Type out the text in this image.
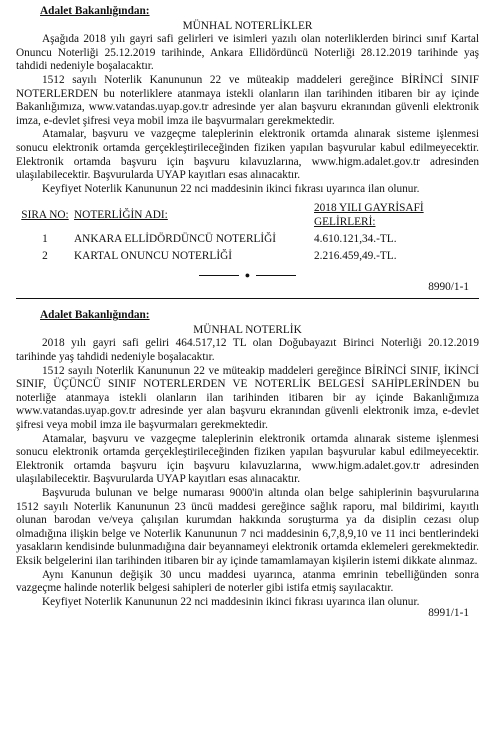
Adalet Bakanlığından:
MÜNHAL NOTERLİKLER

Aşağıda 2018 yılı gayri safi gelirleri ve isimleri yazılı olan noterliklerden birinci sınıf Kartal Onuncu Noterliği 25.12.2019 tarihinde, Ankara Ellidördüncü Noterliği 28.12.2019 tarihinde yaş tahdidi nedeniyle boşalacaktır.

1512 sayılı Noterlik Kanununun 22 ve müteakip maddeleri gereğince BİRİNCİ SINIF NOTERLERDEN bu noterliklere atanmaya istekli olanların ilan tarihinden itibaren bir ay içinde Bakanlığımıza, www.vatandas.uyap.gov.tr adresinde yer alan başvuru ekranından güvenli elektronik imza, e-devlet şifresi veya mobil imza ile başvurmaları gerekmektedir.

Atamalar, başvuru ve vazgeçme taleplerinin elektronik ortamda alınarak sisteme işlenmesi sonucu elektronik ortamda gerçekleştirileceğinden fiziken yapılan başvurular kabul edilmeyecektir. Elektronik ortamda başvuru için başvuru kılavuzlarına, www.higm.adalet.gov.tr adresinden ulaşılabilecektir. Başvurularda UYAP kayıtları esas alınacaktır.

Keyfiyet Noterlik Kanununun 22 nci maddesinin ikinci fıkrası uyarınca ilan olunur.

SIRA NO:	NOTERLİĞİN ADI:	2018 YILI GAYRİSAFİ GELİRLERİ:
1	ANKARA ELLİDÖRDÜNCÜ NOTERLİĞİ	4.610.121,34.-TL.
2	KARTAL ONUNCU NOTERLİĞİ	2.216.459,49.-TL.
●
8990/1-1
Adalet Bakanlığından:
MÜNHAL NOTERLİK

2018 yılı gayri safi geliri 464.517,12 TL olan Doğubayazıt Birinci Noterliği 20.12.2019 tarihinde yaş tahdidi nedeniyle boşalacaktır.

1512 sayılı Noterlik Kanununun 22 ve müteakip maddeleri gereğince BİRİNCİ SINIF, İKİNCİ SINIF, ÜÇÜNCÜ SINIF NOTERLERDEN VE NOTERLİK BELGESİ SAHİPLERİNDEN bu noterliğe atanmaya istekli olanların ilan tarihinden itibaren bir ay içinde Bakanlığımıza www.vatandas.uyap.gov.tr adresinde yer alan başvuru ekranından güvenli elektronik imza, e-devlet şifresi veya mobil imza ile başvurmaları gerekmektedir.

Atamalar, başvuru ve vazgeçme taleplerinin elektronik ortamda alınarak sisteme işlenmesi sonucu elektronik ortamda gerçekleştirileceğinden fiziken yapılan başvurular kabul edilmeyecektir. Elektronik ortamda başvuru için başvuru kılavuzlarına, www.higm.adalet.gov.tr adresinden ulaşılabilecektir. Başvurularda UYAP kayıtları esas alınacaktır.

Başvuruda bulunan ve belge numarası 9000'in altında olan belge sahiplerinin başvurularına 1512 sayılı Noterlik Kanununun 23 üncü maddesi gereğince sağlık raporu, mal bildirimi, kayıtlı olunan barodan ve/veya çalışılan kurumdan hakkında soruşturma ya da disiplin cezası olup olmadığına ilişkin belge ve Noterlik Kanununun 7 nci maddesinin 6,7,8,9,10 ve 11 inci bentlerindeki yasakların kendisinde bulunmadığına dair beyannameyi elektronik ortamda eklemeleri gerekmektedir. Eksik belgelerini ilan tarihinden itibaren bir ay içinde tamamlamayan kişilerin istemi dikkate alınmaz.

Aynı Kanunun değişik 30 uncu maddesi uyarınca, atanma emrinin tebelliğünden sonra vazgeçme halinde noterlik belgesi sahipleri de noterler gibi istifa etmiş sayılacaktır.

Keyfiyet Noterlik Kanununun 22 nci maddesinin ikinci fıkrası uyarınca ilan olunur.

8991/1-1
